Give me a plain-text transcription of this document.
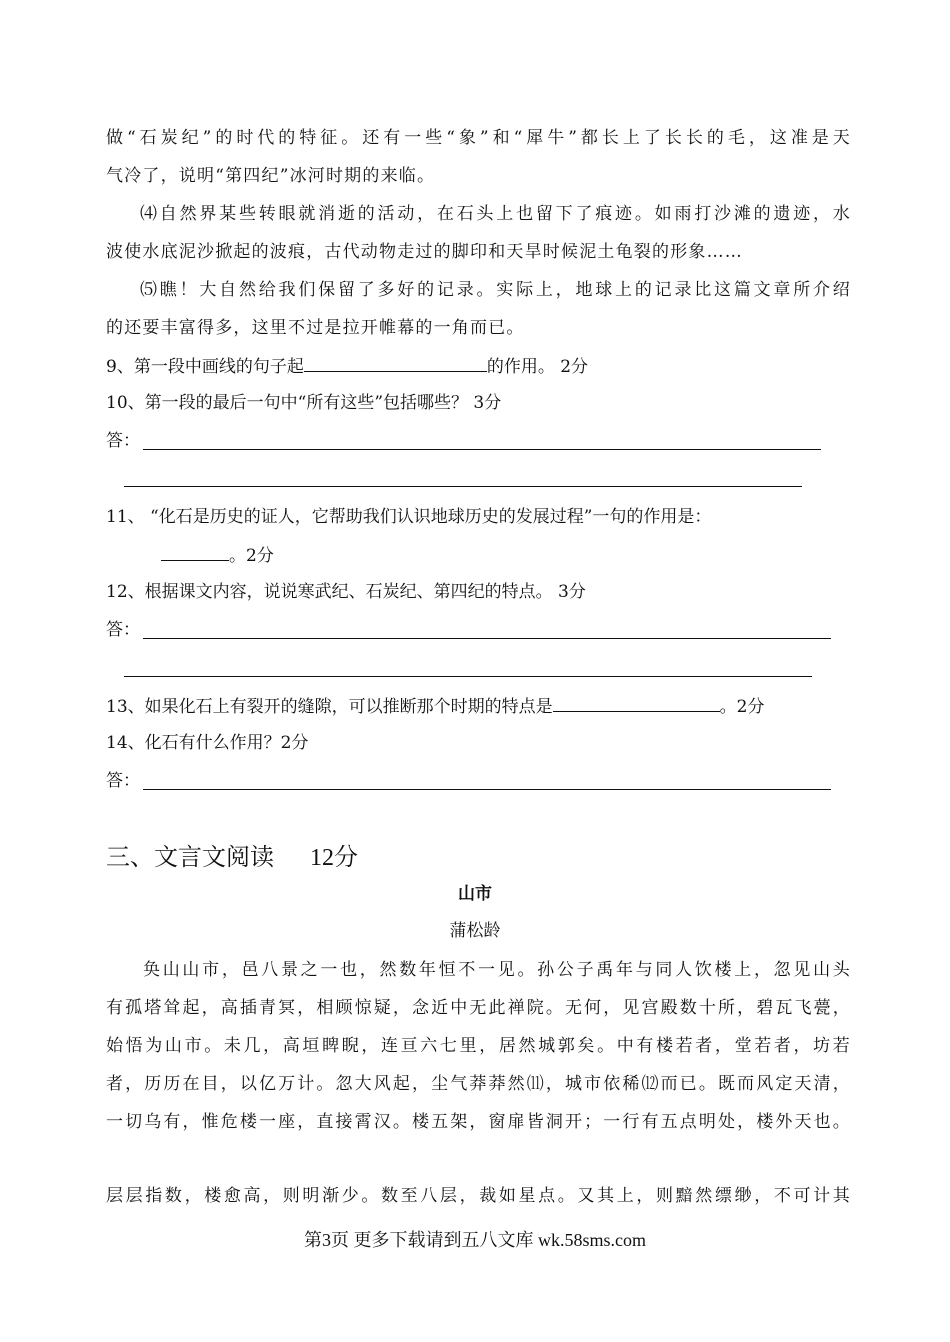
做“石炭纪”的时代的特征。还有一些“象”和“犀牛”都长上了长长的毛，这准是天
气冷了，说明“第四纪”冰河时期的来临。
⑷自然界某些转眼就消逝的活动，在石头上也留下了痕迹。如雨打沙滩的遗迹，水
波使水底泥沙掀起的波痕，古代动物走过的脚印和天旱时候泥土龟裂的形象……
⑸瞧！大自然给我们保留了多好的记录。实际上，地球上的记录比这篇文章所介绍
的还要丰富得多，这里不过是拉开帷幕的一角而已。
9、第一段中画线的句子起	的作用。 2分
10、第一段的最后一句中“所有这些”包括哪些？ 3分
答：
11、 “化石是历史的证人，它帮助我们认识地球历史的发展过程”一句的作用是：
。2分
12、根据课文内容，说说寒武纪、石炭纪、第四纪的特点。 3分
答：
13、如果化石上有裂开的缝隙，可以推断那个时期的特点是	。2分
14、化石有什么作用？2分
答：
三、文言文阅读 12分
山市
蒲松龄
奂山山市，邑八景之一也，然数年恒不一见。孙公子禹年与同人饮楼上，忽见山头
有孤塔耸起，高插青冥，相顾惊疑，念近中无此禅院。无何，见宫殿数十所，碧瓦飞甍，
始悟为山市。未几，高垣睥睨，连亘六七里，居然城郭矣。中有楼若者，堂若者，坊若
者，历历在目，以亿万计。忽大风起，尘气莽莽然⑾，城市依稀⑿而已。既而风定天清，
一切乌有，惟危楼一座，直接霄汉。楼五架，窗扉皆洞开；一行有五点明处，楼外天也。
层层指数，楼愈高，则明渐少。数至八层，裁如星点。又其上，则黯然缥缈，不可计其
第3页 更多下载请到五八文库 wk.58sms.com
